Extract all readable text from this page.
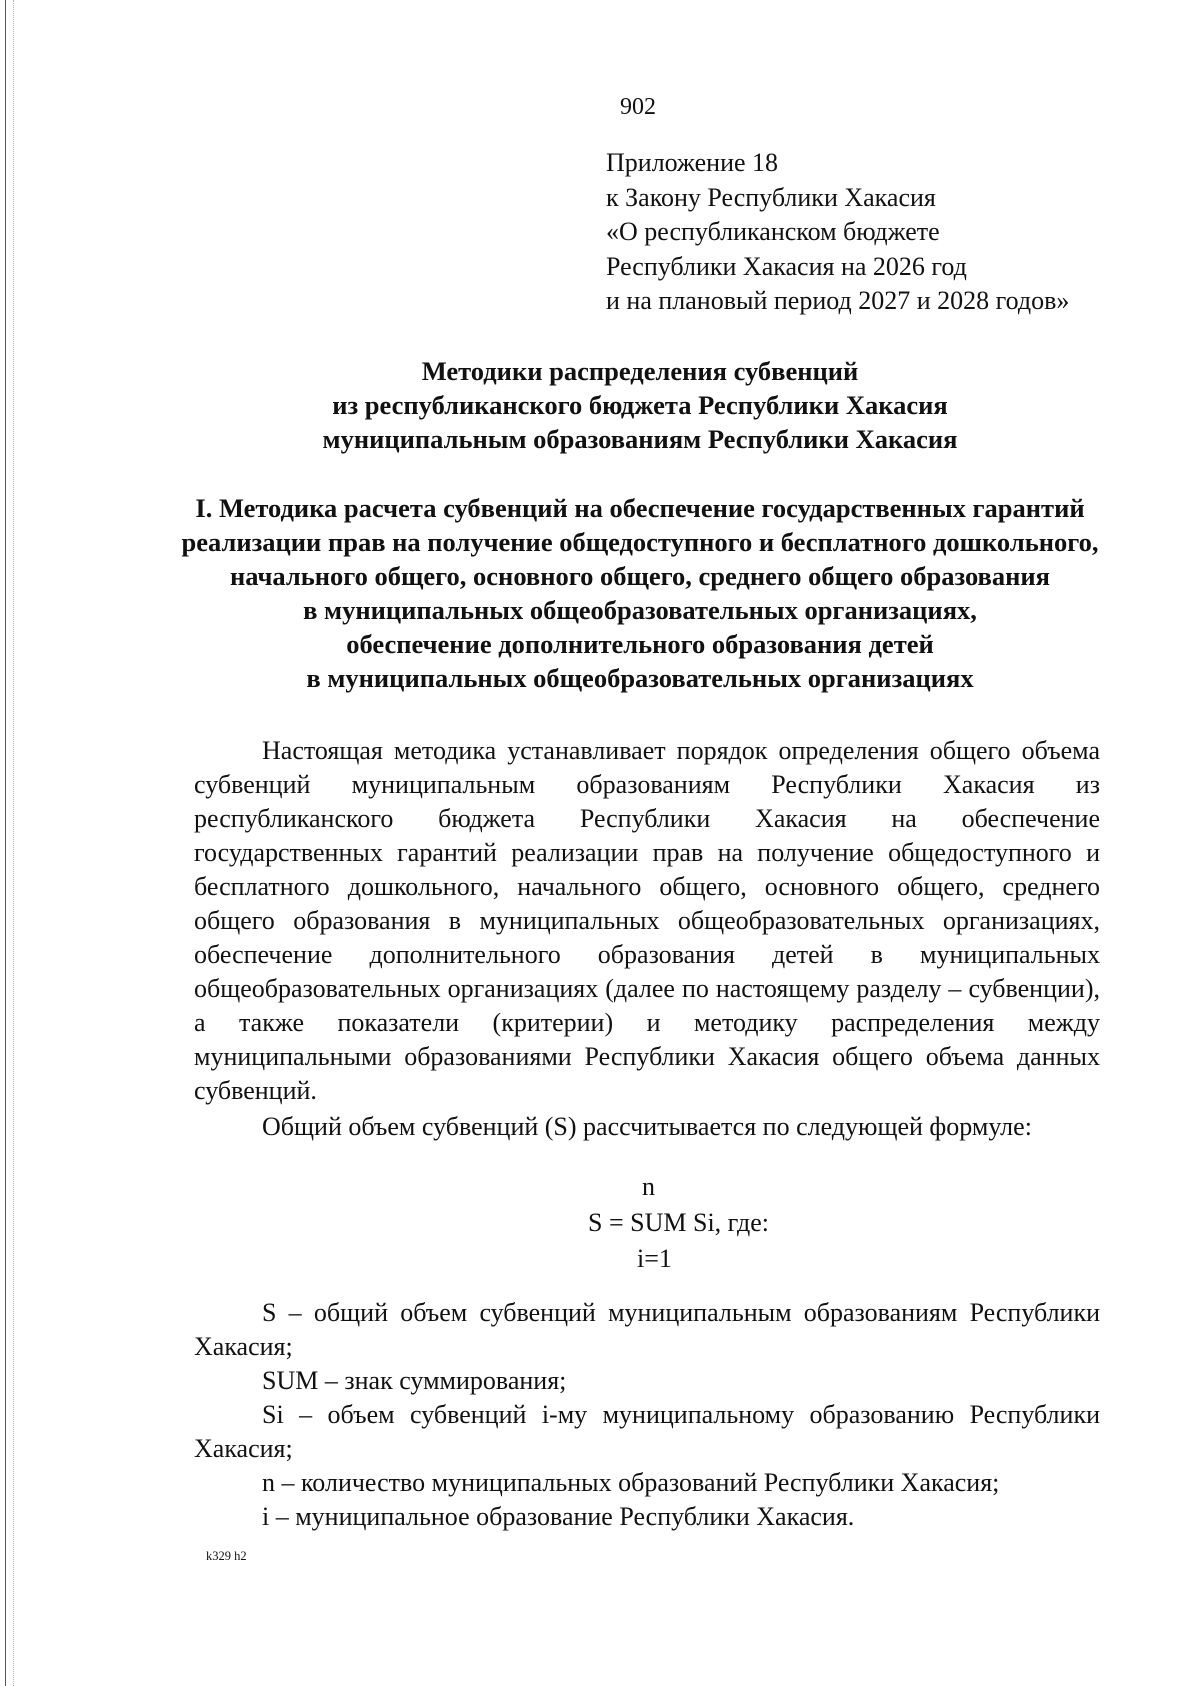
902
Приложение 18
к Закону Республики Хакасия
«О республиканском бюджете
Республики Хакасия на 2026 год
и на плановый период 2027 и 2028 годов»
Методики распределения субвенций
из республиканского бюджета Республики Хакасия
муниципальным образованиям Республики Хакасия
I. Методика расчета субвенций на обеспечение государственных гарантий
реализации прав на получение общедоступного и бесплатного дошкольного,
начального общего, основного общего, среднего общего образования
в муниципальных общеобразовательных организациях,
обеспечение дополнительного образования детей
в муниципальных общеобразовательных организациях

Настоящая методика устанавливает порядок определения общего объема субвенций муниципальным образованиям Республики Хакасия из республиканского бюджета Республики Хакасия на обеспечение государственных гарантий реализации прав на получение общедоступного и бесплатного дошкольного, начального общего, основного общего, среднего общего образования в муниципальных общеобразовательных организациях, обеспечение дополнительного образования детей в муниципальных общеобразовательных организациях (далее по настоящему разделу – субвенции), а также показатели (критерии) и методику распределения между муниципальными образованиями Республики Хакасия общего объема данных субвенций.

Общий объем субвенций (S) рассчитывается по следующей формуле:
n
S = SUM Si, где:
i=1

S – общий объем субвенций муниципальным образованиям Республики Хакасия;

SUM – знак суммирования;

Si – объем субвенций i-му муниципальному образованию Республики Хакасия;

n – количество муниципальных образований Республики Хакасия;

i – муниципальное образование Республики Хакасия.

k329 h2
